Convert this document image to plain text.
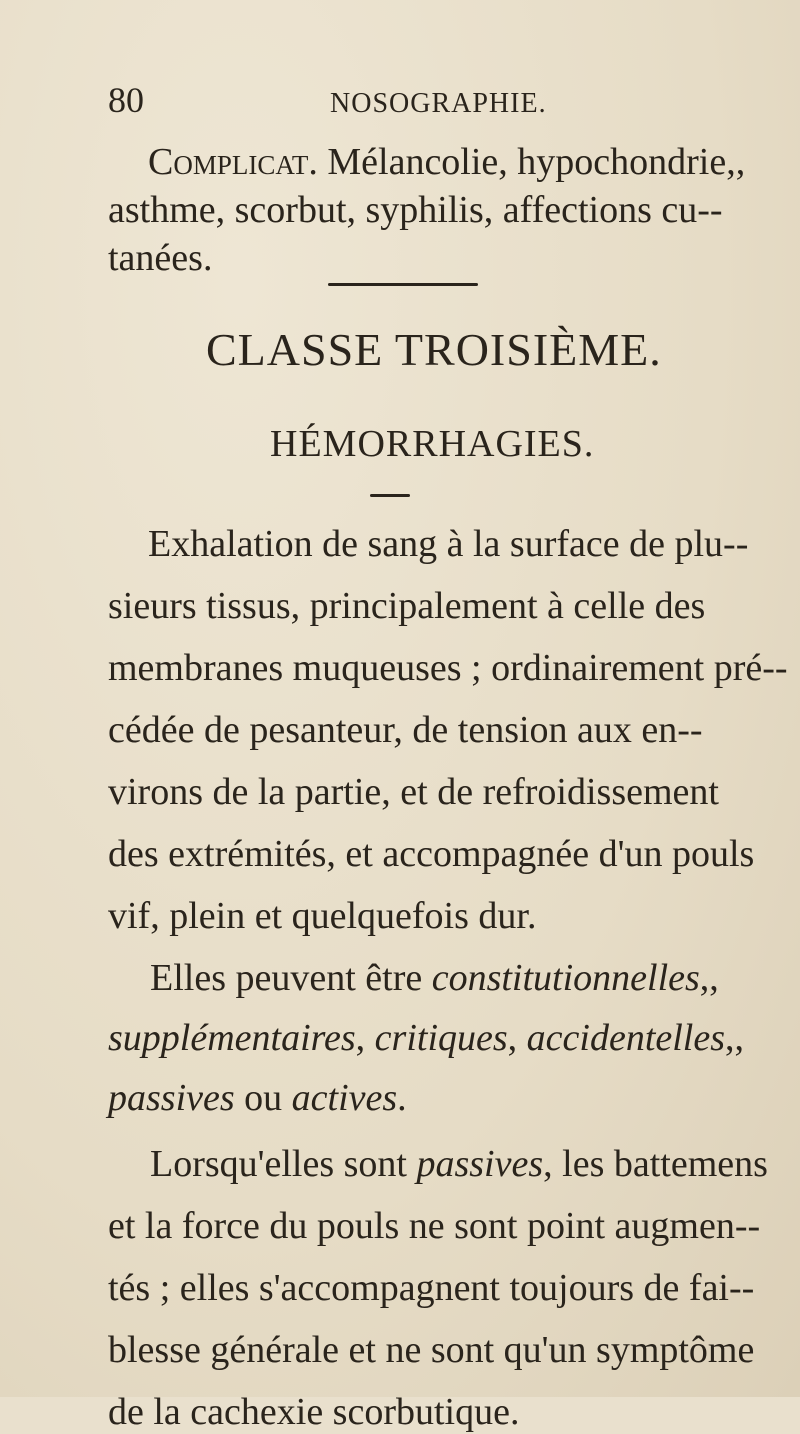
80	NOSOGRAPHIE.
Complicat. Mélancolie, hypochondrie,,
asthme, scorbut, syphilis, affections cu--
tanées.
CLASSE TROISIÈME.
HÉMORRHAGIES.
Exhalation de sang à la surface de plu--
sieurs tissus, principalement à celle des
membranes muqueuses ; ordinairement pré--
cédée de pesanteur, de tension aux en--
virons de la partie, et de refroidissement
des extrémités, et accompagnée d'un pouls
vif, plein et quelquefois dur.
Elles peuvent être constitutionnelles,,
supplémentaires, critiques, accidentelles,,
passives ou actives.
Lorsqu'elles sont passives, les battemens
et la force du pouls ne sont point augmen--
tés ; elles s'accompagnent toujours de fai--
blesse générale et ne sont qu'un symptôme
de la cachexie scorbutique.
